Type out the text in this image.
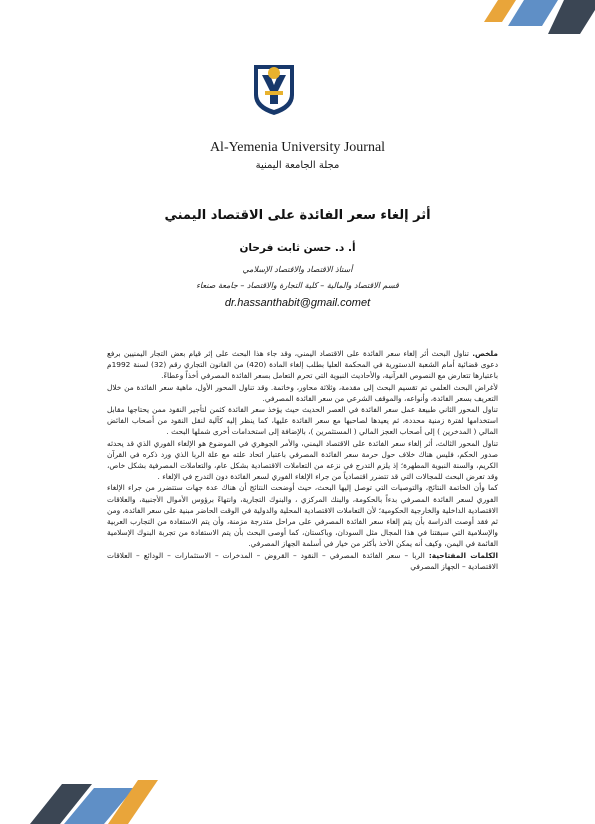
Al-Yemenia University Journal
مجلة الجامعة اليمنية
أثر إلغاء سعر الفائدة على الاقتصاد اليمني
أ. د. حسن ثابت فرحان
أستاذ الاقتصاد والاقتصاد الإسلامي
قسم الاقتصاد والمالية – كلية التجارة والاقتصاد – جامعة صنعاء
dr.hassanthabit@gmail.comet

ملخص. تناول البحث أثر إلغاء سعر الفائدة على الاقتصاد اليمني، وقد جاء هذا البحث على إثر قيام بعض التجار اليمنيين برفع دعوى قضائية أمام الشعبة الدستورية في المحكمة العليا بطلب إلغاء المادة (420) من القانون التجاري رقم (32) لسنة 1992م باعتبارها تتعارض مع النصوص القرآنية، والأحاديث النبوية التي تحرم التعامل بسعر الفائدة المصرفي أخذاً وعطاءً.

لأغراض البحث العلمي تم تقسيم البحث إلى مقدمة، وثلاثة محاور، وخاتمة. وقد تناول المحور الأول، ماهية سعر الفائدة من خلال التعريف بسعر الفائدة، وأنواعه، والموقف الشرعي من سعر الفائدة المصرفي.

تناول المحور الثاني طبيعة عمل سعر الفائدة في العصر الحديث حيث يؤخذ سعر الفائدة كثمن لتأجير النقود ممن يحتاجها مقابل استخدامها لفترة زمنية محددة، ثم يعيدها لصاحبها مع سعر الفائدة عليها، كما ينظر إليه كآلية لنقل النقود من أصحاب الفائض المالي ( المدخرين ) إلى أصحاب العجز المالي ( المستثمرين )، بالإضافة إلى استخدامات أخرى شملها البحث .

تناول المحور الثالث، أثر إلغاء سعر الفائدة على الاقتصاد اليمني، والأمر الجوهري في الموضوع هو الإلغاء الفوري الذي قد يحدثه صدور الحكم، فليس هناك خلاف حول حرمة سعر الفائدة المصرفي باعتبار اتحاد علته مع علة الربا الذي ورد ذكره في القرآن الكريم، والسنة النبوية المطهرة؛ إذ يلزم التدرج في نزعه من التعاملات الاقتصادية بشكل عام، والتعاملات المصرفية بشكل خاص، وقد تعرض البحث للمجالات التي قد تتضرر اقتصادياً من جراء الإلغاء الفوري لسعر الفائدة دون التدرج في الإلغاء .

كما وأن الخاتمة النتائج، والتوصيات التي توصل إليها البحث، حيث أوضحت النتائج أن هناك عدة جهات ستتضرر من جراء الإلغاء الفوري لسعر الفائدة المصرفي بدءاً بالحكومة، والبنك المركزي ، والبنوك التجارية، وانتهاءً برؤوس الأموال الأجنبية، والعلاقات الاقتصادية الداخلية والخارجية الحكومية؛ لأن التعاملات الاقتصادية المحلية والدولية في الوقت الحاضر مبنية على سعر الفائدة، ومن ثم فقد أوصت الدراسة بأن يتم إلغاء سعر الفائدة المصرفي على مراحل متدرجة مزمنة، وأن يتم الاستفادة من التجارب العربية والإسلامية التي سبقتنا في هذا المجال مثل السودان، وباكستان، كما أوصى البحث بأن يتم الاستفادة من تجربة البنوك الإسلامية القائمة في اليمن، وكيف أنه يمكن الأخذ بأكثر من خيار في أسلمة الجهاز المصرفي.

الكلمات المفتاحية: الربا – سعر الفائدة المصرفي – النقود – القروض – المدخرات – الاستثمارات – الودائع – العلاقات الاقتصادية – الجهاز المصرفي
